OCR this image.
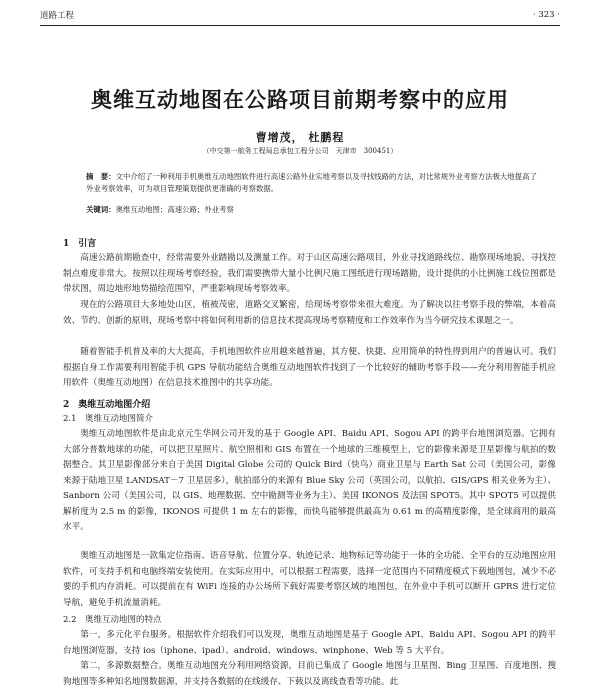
道路工程	· 323 ·
奥维互动地图在公路项目前期考察中的应用
曹增茂， 杜鹏程
（中交第一航务工程局总承包工程分公司　天津市　300451）
摘　要：文中介绍了一种利用手机奥维互动地图软件进行高速公路外业实地考察以及寻找线路的方法，对比常规外业考察方法极大地提高了外业考察效率，可为项目管理策划提供更准确的考察数据。
关键词：奥维互动地图；高速公路；外业考察
1　引言
高速公路前期勘查中，经常需要外业踏勘以及测量工作。对于山区高速公路项目，外业寻找道路线位、勘察现场地貌、寻找控制点难度非常大。按照以往现场考察经验，我们需要携带大量小比例尺施工图纸进行现场踏勘，设计提供的小比例施工线位图都是带状图，周边地形地势描绘范围窄，严重影响现场考察效率。
现在的公路项目大多地处山区，植被茂密，道路交叉繁密，给现场考察带来很大难度。为了解决以往考察手段的弊端，本着高效、节约、创新的原则，现场考察中将如何利用新的信息技术提高现场考察精度和工作效率作为当今研究技术课题之一。
随着智能手机普及率的大大提高，手机地图软件应用越来越普遍，其方便、快捷、应用简单的特性得到用户的普遍认可。我们根据自身工作需要利用智能手机 GPS 导航功能结合奥维互动地图软件找到了一个比较好的辅助考察手段——充分利用智能手机应用软件（奥维互动地图）在信息技术推图中的共享功能。
2　奥维互动地图介绍
2.1　奥维互动地图简介
奥维互动地图软件是由北京元生华网公司开发的基于 Google API、Baidu API、Sogou API 的跨平台地图浏览器。它拥有大部分普数地球的功能，可以把卫星照片、航空照相和 GIS 布置在一个地球的三维模型上，它的影像来源是卫星影像与航拍的数据整合。其卫星影像部分来自于美国 Digital Globe 公司的 Quick Bird（快鸟）商业卫星与 Earth Sat 公司（美国公司，影像来源于陆地卫星 LANDSAT－7 卫星居多），航拍部分的来源有 Blue Sky 公司（英国公司，以航拍、GIS/GPS 相关业务为主）、Sanborn 公司（美国公司，以 GIS、地理数据、空中勘测等业务为主）、美国 IKONOS 及法国 SPOT5。其中 SPOT5 可以提供解析度为 2.5 m 的影像，IKONOS 可提供 1 m 左右的影像，而快鸟能够提供最高为 0.61 m 的高精度影像，是全球商用的最高水平。
奥维互动地图是一款集定位指南、语音导航、位置分享、轨迹记录、地物标记等功能于一体的全功能、全平台的互动地图应用软件，可支持手机和电脑终端安装使用。在实际应用中，可以根据工程需要，选择一定范围内不同精度模式下载地图包，减少不必要的手机内存消耗。可以提前在有 WiFi 连接的办公场所下载好需要考察区域的地图包，在外业中手机可以断开 GPRS 进行定位导航，避免手机流量消耗。
2.2　奥维互动地图的特点
第一，多元化平台服务。根据软件介绍我们可以发现，奥维互动地图是基于 Google API、Baidu API、Sogou API 的跨平台地图浏览器，支持 ios（iphone、ipad）、android、windows、winphone、Web 等 5 大平台。
第二，多源数据整合。奥维互动地图充分利用网络资源，目前已集成了 Google 地图与卫星图、Bing 卫星图、百度地图、搜狗地图等多种知名地图数据源，并支持各数据的在线缓存、下载以及离线查看等功能。此
